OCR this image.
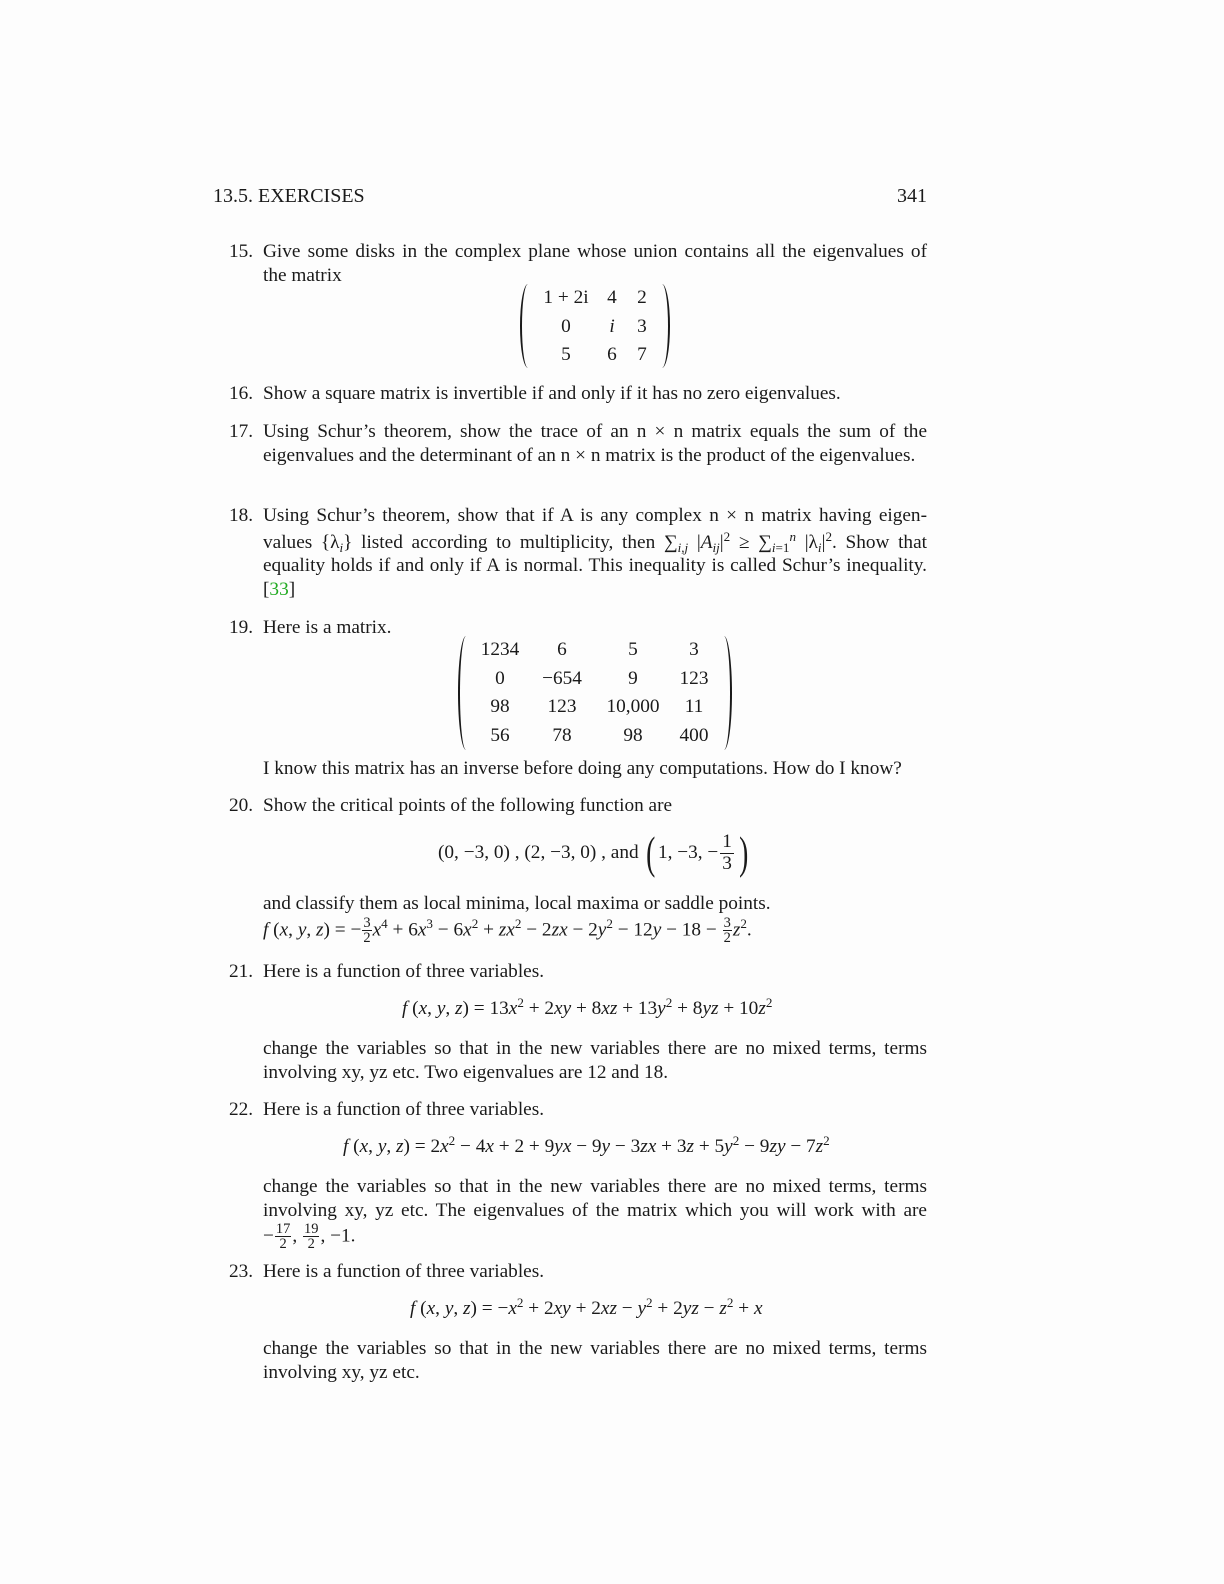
13.5. EXERCISES	341
15. Give some disks in the complex plane whose union contains all the eigenvalues of
the matrix
1 + 2i	4	2
0	i	3
5	6	7
16. Show a square matrix is invertible if and only if it has no zero eigenvalues.
17. Using Schur’s theorem, show the trace of an n × n matrix equals the sum of the
eigenvalues and the determinant of an n × n matrix is the product of the eigenvalues.
18. Using Schur’s theorem, show that if A is any complex n × n matrix having eigen-
values $\{\lambda_i\}$ listed according to multiplicity, then $\sum_{i,j}$ $|A_{ij}|^2 \ge \sum_{i=1}^n$ $|\lambda_i|^2$. Show that
equality holds if and only if A is normal. This inequality is called Schur’s inequality.
[33]
19. Here is a matrix.
1234	6	5	3
0	−654	9	123
98	123	10,000	11
56	78	98	400
I know this matrix has an inverse before doing any computations. How do I know?
20. Show the critical points of the following function are
(0, −3, 0) , (2, −3, 0) , and ( 1, −3, − $\frac{1}{3}$ )
and classify them as local minima, local maxima or saddle points.
f (x, y, z) = − $\frac{3}{2} x^4 + 6x^3 - 6x^2 + zx^2 - 2zx - 2y^2 - 12y - 18 - \frac{3}{2} z^2$.
21. Here is a function of three variables.
f (x, y, $z) = 13x^2 + 2xy + 8xz + 13y^2 + 8yz + 10z^2$
change the variables so that in the new variables there are no mixed terms, terms
involving xy, yz etc. Two eigenvalues are 12 and 18.
22. Here is a function of three variables.
f (x, y, $z) = 2x^2 - 4x + 2 + 9yx - 9y - 3zx + 3z + 5y^2 - 9zy - 7z^2$
change the variables so that in the new variables there are no mixed terms, terms
involving xy, yz etc. The eigenvalues of the matrix which you will work with are
− $\frac{17}{2}$ , $\frac{19}{2}$ , −1.
23. Here is a function of three variables.
f (x, y, $z) = -x^2 + 2xy + 2xz - y^2 + 2yz - z^2 + x$
change the variables so that in the new variables there are no mixed terms, terms
involving xy, yz etc.
